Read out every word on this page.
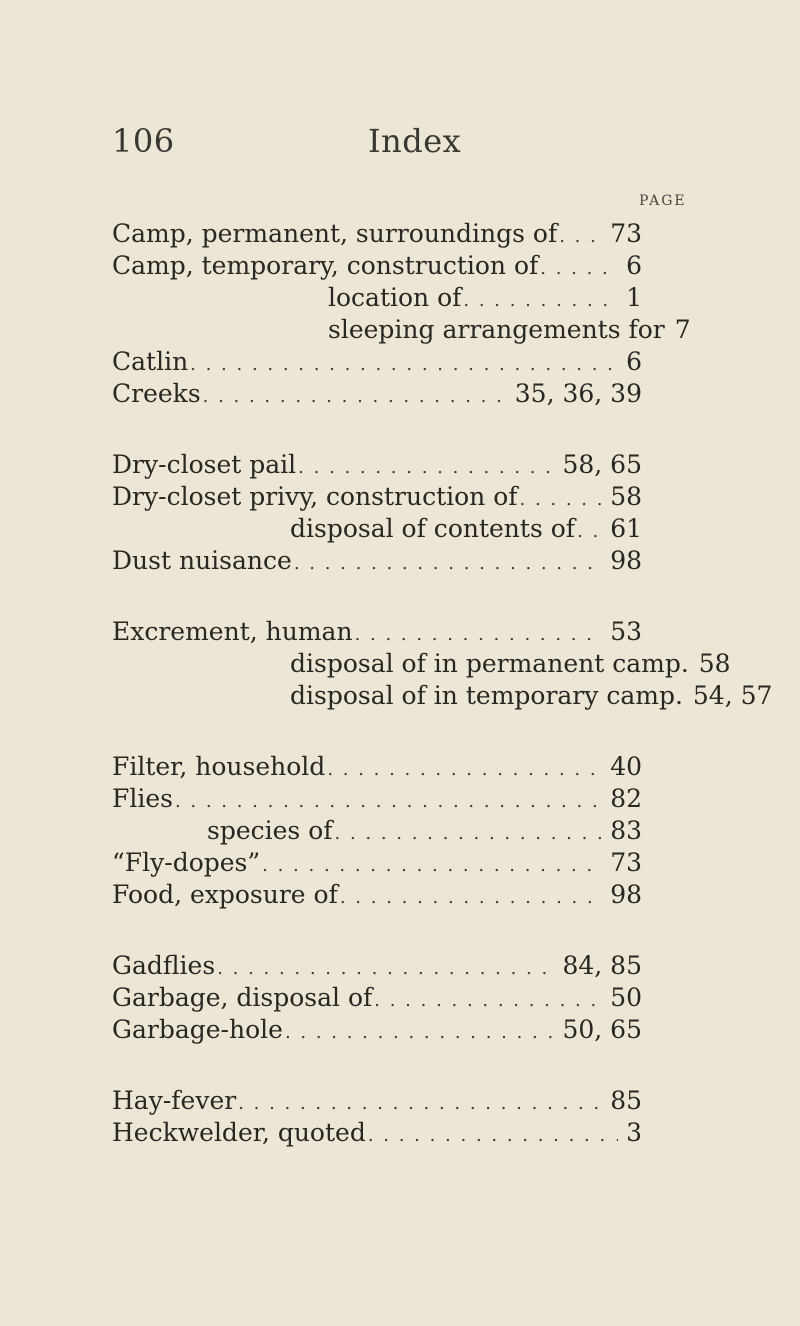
106	Index
PAGE
Camp, permanent, surroundings of . . .	73
Camp, temporary, construction of . . .	6
location of . . .	1
sleeping arrangements for 7
Catlin . . .	6
Creeks . . .	35, 36, 39
Dry-closet pail . . .	58, 65
Dry-closet privy, construction of . . .	58
disposal of contents of . . .	61
Dust nuisance . . .	98
Excrement, human . . .	53
disposal of in permanent camp . 58
disposal of in temporary camp . 54, 57
Filter, household . . .	40
Flies . . .	82
species of . . .	83
“Fly-dopes” . . .	73
Food, exposure of . . .	98
Gadflies . . .	84, 85
Garbage, disposal of . . .	50
Garbage-hole . . .	50, 65
Hay-fever . . .	85
Heckwelder, quoted . . .	3
